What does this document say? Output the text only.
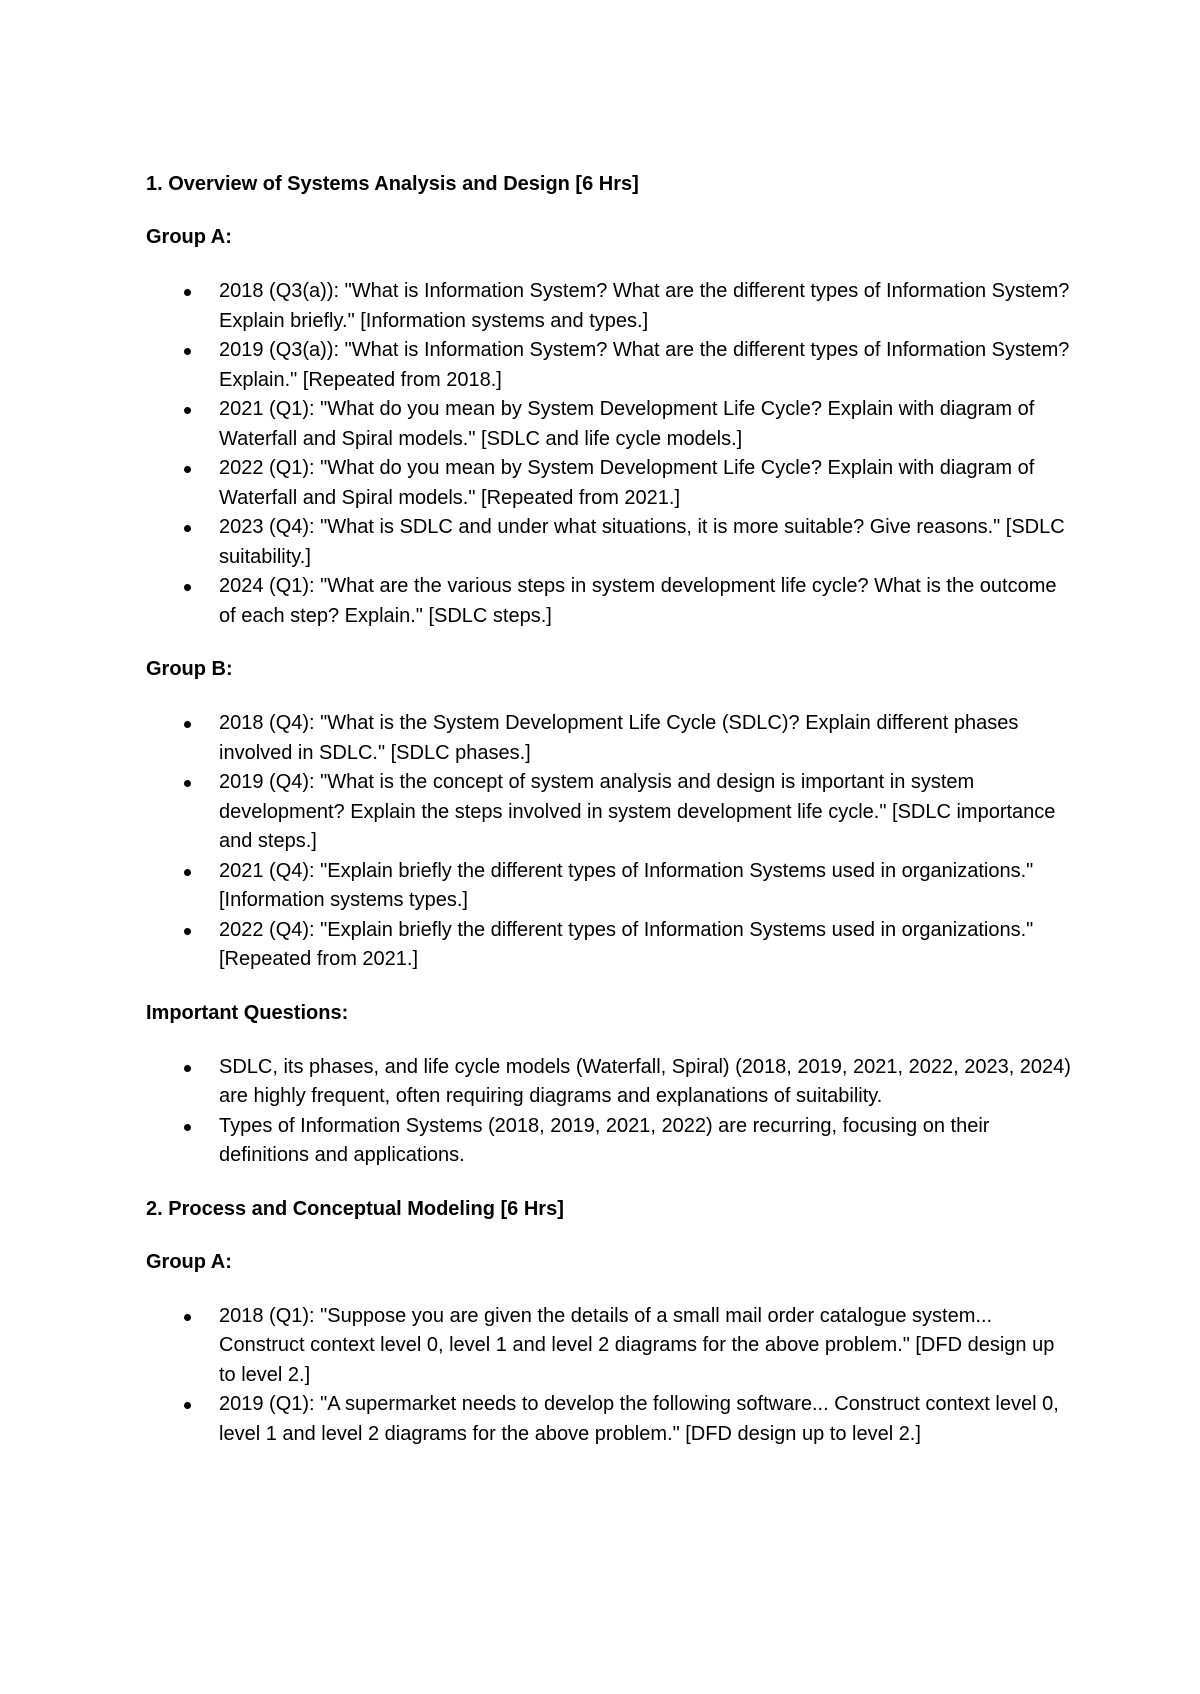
1. Overview of Systems Analysis and Design [6 Hrs]
Group A:
2018 (Q3(a)): "What is Information System? What are the different types of Information System? Explain briefly." [Information systems and types.]
2019 (Q3(a)): "What is Information System? What are the different types of Information System? Explain." [Repeated from 2018.]
2021 (Q1): "What do you mean by System Development Life Cycle? Explain with diagram of Waterfall and Spiral models." [SDLC and life cycle models.]
2022 (Q1): "What do you mean by System Development Life Cycle? Explain with diagram of Waterfall and Spiral models." [Repeated from 2021.]
2023 (Q4): "What is SDLC and under what situations, it is more suitable? Give reasons." [SDLC suitability.]
2024 (Q1): "What are the various steps in system development life cycle? What is the outcome of each step? Explain." [SDLC steps.]
Group B:
2018 (Q4): "What is the System Development Life Cycle (SDLC)? Explain different phases involved in SDLC." [SDLC phases.]
2019 (Q4): "What is the concept of system analysis and design is important in system development? Explain the steps involved in system development life cycle." [SDLC importance and steps.]
2021 (Q4): "Explain briefly the different types of Information Systems used in organizations." [Information systems types.]
2022 (Q4): "Explain briefly the different types of Information Systems used in organizations." [Repeated from 2021.]
Important Questions:
SDLC, its phases, and life cycle models (Waterfall, Spiral) (2018, 2019, 2021, 2022, 2023, 2024) are highly frequent, often requiring diagrams and explanations of suitability.
Types of Information Systems (2018, 2019, 2021, 2022) are recurring, focusing on their definitions and applications.
2. Process and Conceptual Modeling [6 Hrs]
Group A:
2018 (Q1): "Suppose you are given the details of a small mail order catalogue system... Construct context level 0, level 1 and level 2 diagrams for the above problem." [DFD design up to level 2.]
2019 (Q1): "A supermarket needs to develop the following software... Construct context level 0, level 1 and level 2 diagrams for the above problem." [DFD design up to level 2.]
